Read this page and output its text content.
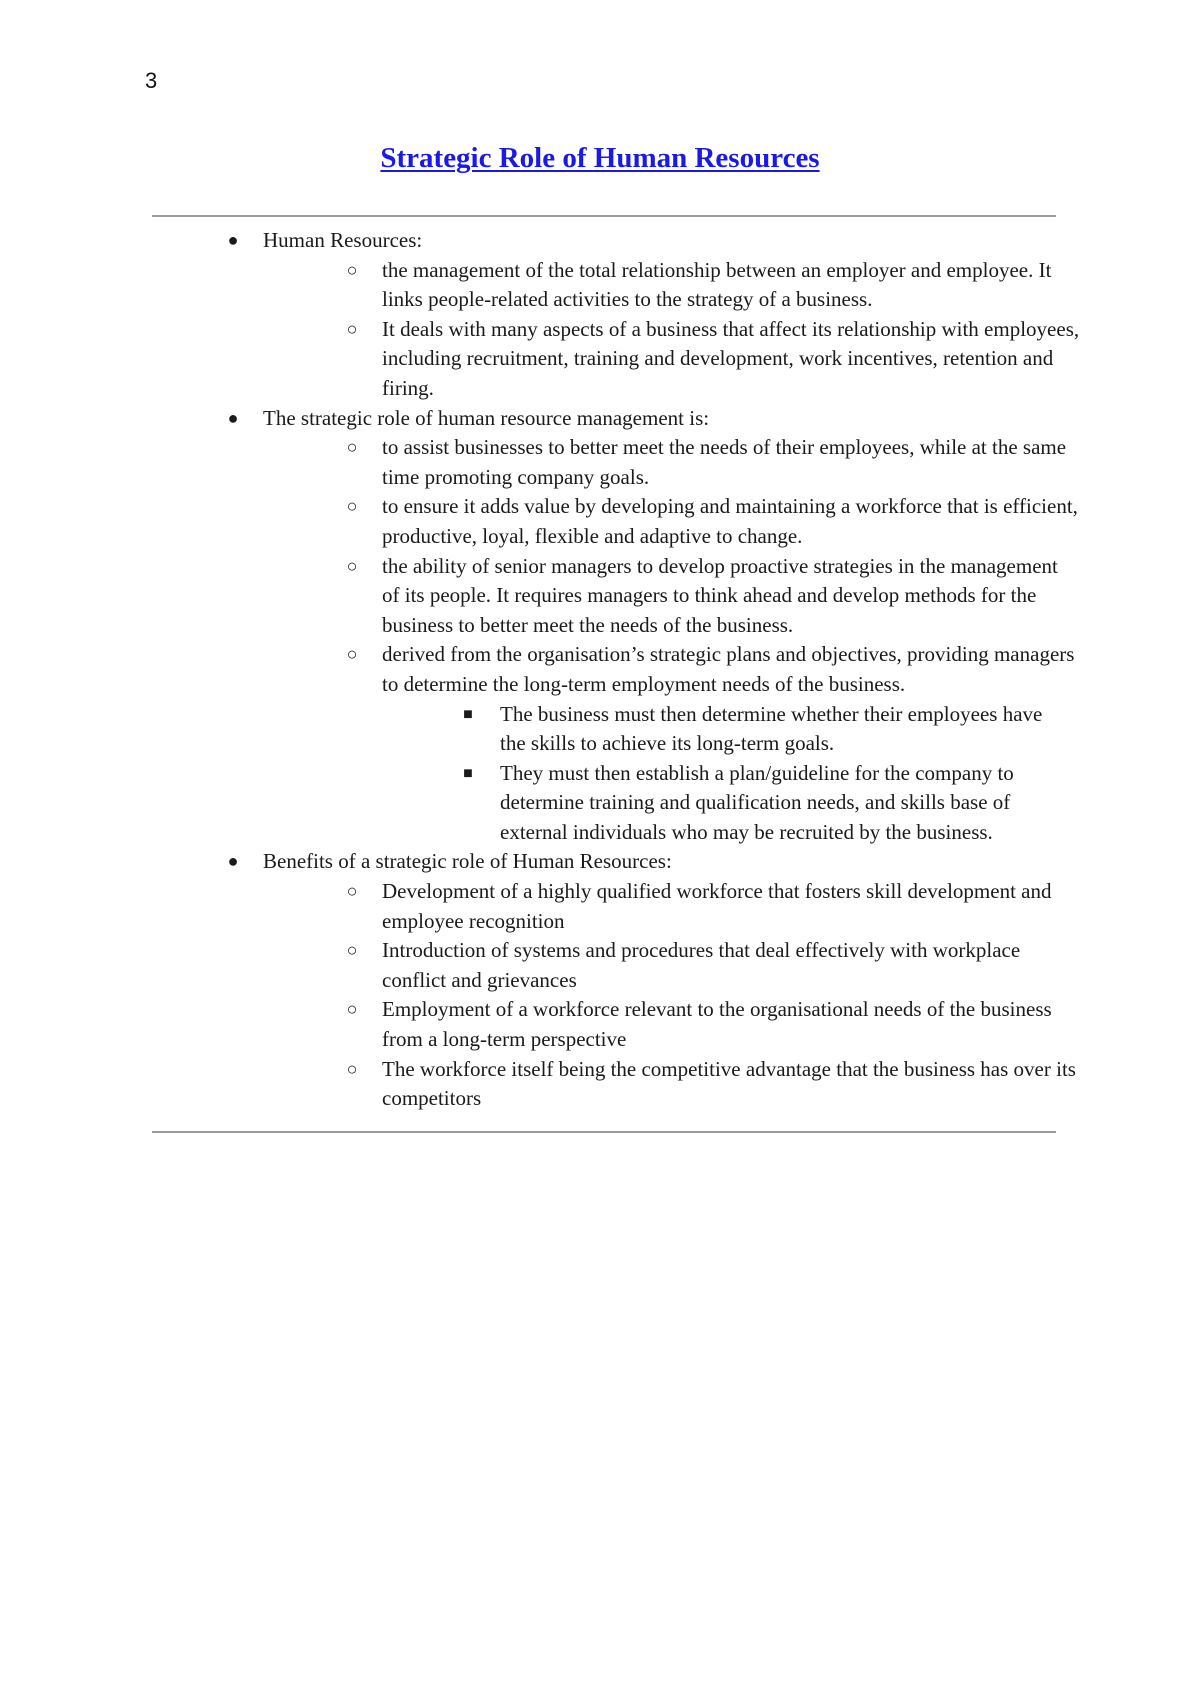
3
Strategic Role of Human Resources
● Human Resources:
○ the management of the total relationship between an employer and employee. It links people-related activities to the strategy of a business.
○ It deals with many aspects of a business that affect its relationship with employees, including recruitment, training and development, work incentives, retention and firing.
● The strategic role of human resource management is:
○ to assist businesses to better meet the needs of their employees, while at the same time promoting company goals.
○ to ensure it adds value by developing and maintaining a workforce that is efficient, productive, loyal, flexible and adaptive to change.
○ the ability of senior managers to develop proactive strategies in the management of its people. It requires managers to think ahead and develop methods for the business to better meet the needs of the business.
○ derived from the organisation’s strategic plans and objectives, providing managers to determine the long-term employment needs of the business.
■ The business must then determine whether their employees have the skills to achieve its long-term goals.
■ They must then establish a plan/guideline for the company to determine training and qualification needs, and skills base of external individuals who may be recruited by the business.
● Benefits of a strategic role of Human Resources:
○ Development of a highly qualified workforce that fosters skill development and employee recognition
○ Introduction of systems and procedures that deal effectively with workplace conflict and grievances
○ Employment of a workforce relevant to the organisational needs of the business from a long-term perspective
○ The workforce itself being the competitive advantage that the business has over its competitors
